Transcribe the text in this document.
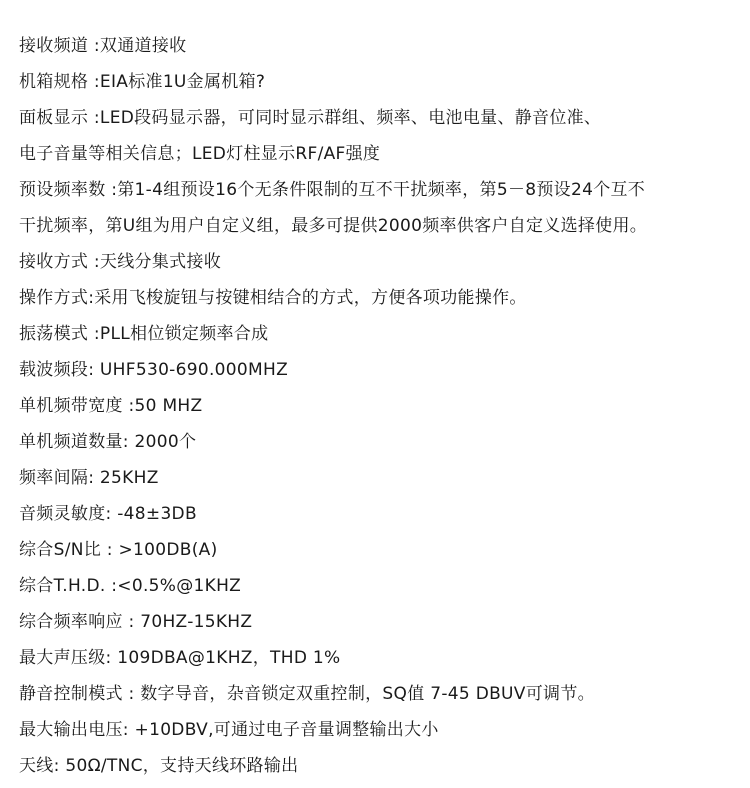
接收频道 :双通道接收
机箱规格 :EIA标准1U金属机箱?
面板显示 :LED段码显示器，可同时显示群组、频率、电池电量、静音位准、
电子音量等相关信息；LED灯柱显示RF/AF强度
预设频率数 :第1-4组预设16个无条件限制的互不干扰频率，第5－8预设24个互不
干扰频率，第U组为用户自定义组，最多可提供2000频率供客户自定义选择使用。
接收方式 :天线分集式接收
操作方式:采用飞梭旋钮与按键相结合的方式，方便各项功能操作。
振荡模式 :PLL相位锁定频率合成
载波频段: UHF530-690.000MHZ
单机频带宽度 :50 MHZ
单机频道数量: 2000个
频率间隔: 25KHZ
音频灵敏度: -48±3DB
综合S/N比 : >100DB(A)
综合T.H.D. :<0.5%@1KHZ
综合频率响应 : 70HZ-15KHZ
最大声压级: 109DBA@1KHZ，THD 1%
静音控制模式 : 数字导音，杂音锁定双重控制，SQ值 7-45 DBUV可调节。
最大输出电压: +10DBV,可通过电子音量调整输出大小
天线: 50Ω/TNC，支持天线环路输出
